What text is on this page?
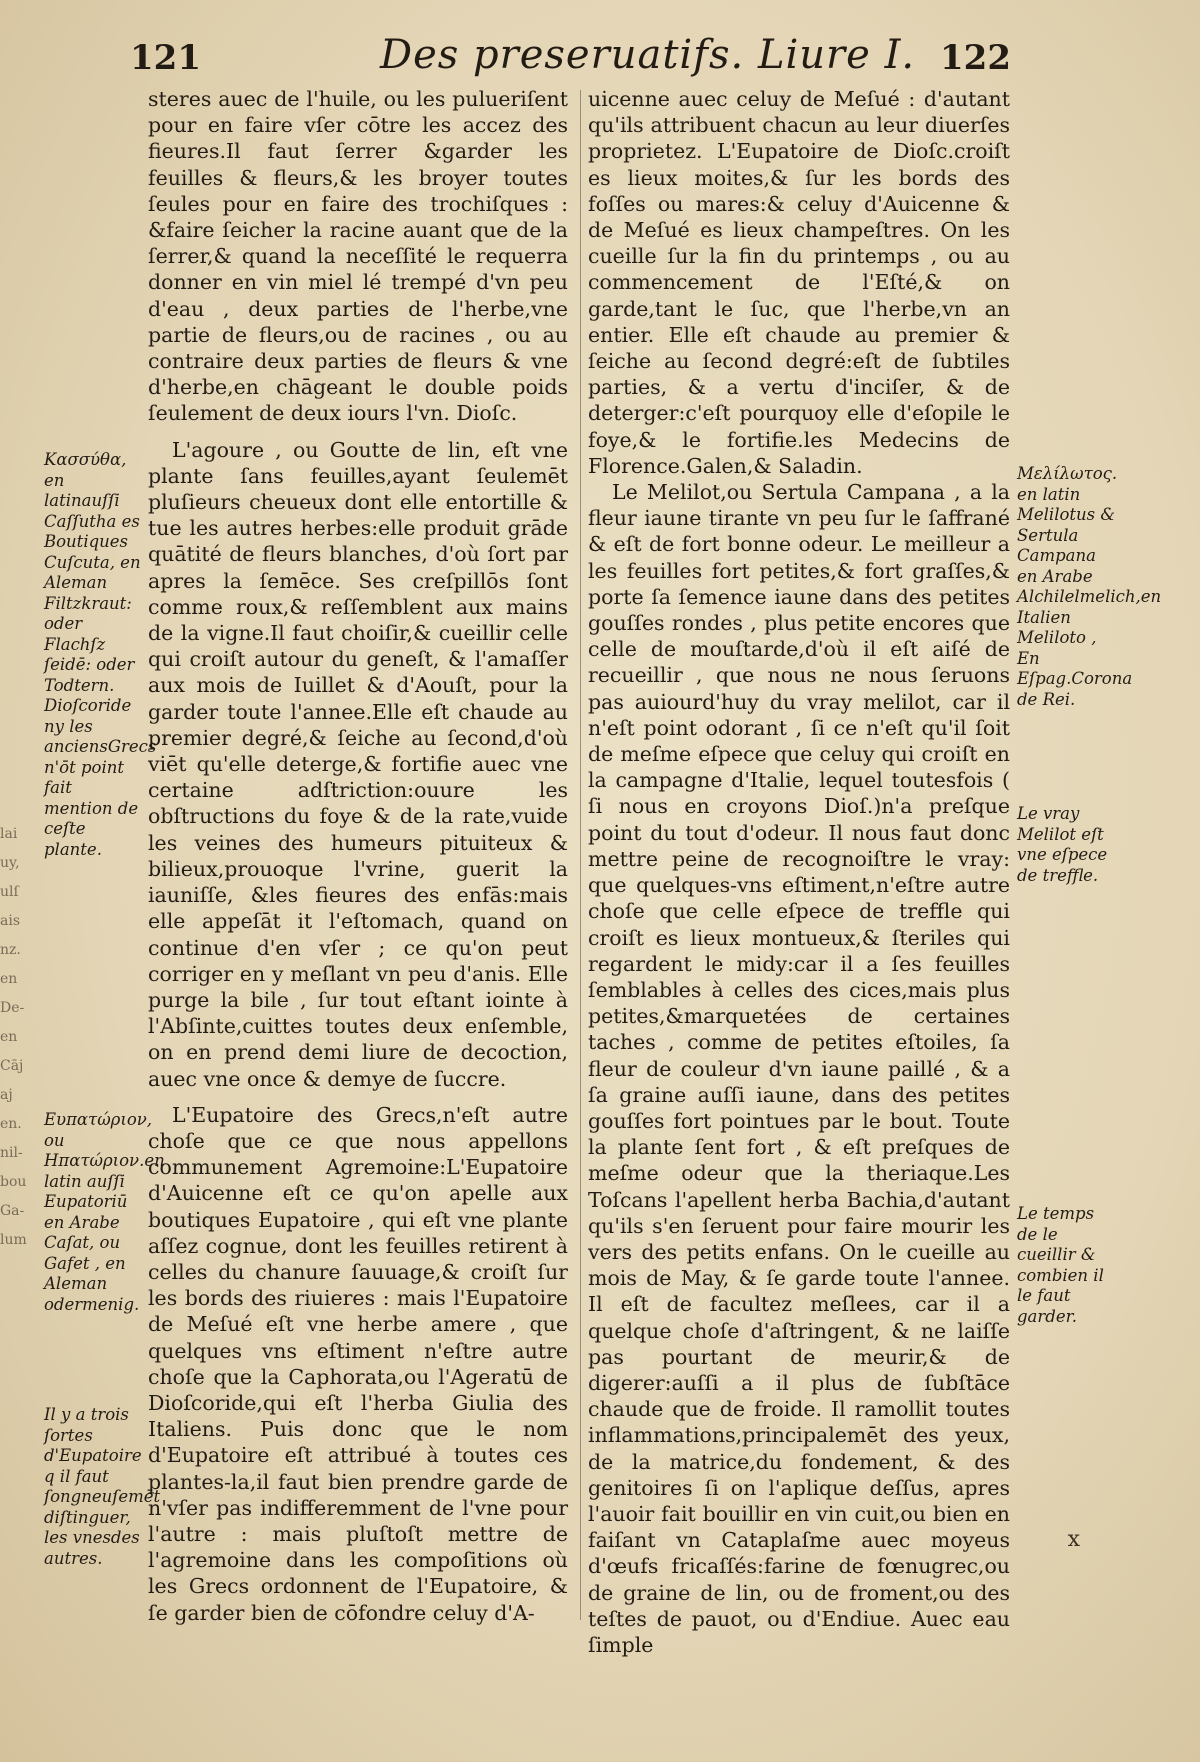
121	Des preseruatifs. Liure I. 122
lai
uy,
ulſ
ais
nz.
en
De-
en
Cāj
aj
en.
nil-
bou
Ga-
lum
Κασσύθα, en latinauſſi Caſſutha es Boutiques Cuſcuta, en Aleman Filtzkraut: oder Flachſz ſeidē: oder Todtern. Dioſcoride ny les anciensGrecs n'ōt point fait mention de ceſte plante.
Ευπατώριον, ou Ηπατώριον.en latin auſſi Eupatoriū en Arabe Caſat, ou Gafet , en Aleman odermenig.
Il y a trois ſortes d'Eupatoire q il faut ſongneuſemēt diſtinguer, les vnesdes autres.

steres auec de l'huile, ou les pulueriſent pour en faire vſer cōtre les accez des fieures.Il faut ſerrer &garder les feuilles & fleurs,& les broyer toutes ſeules pour en faire des trochiſques : &faire ſeicher la racine auant que de la ſerrer,& quand la neceſſité le requerra donner en vin miel lé trempé d'vn peu d'eau , deux parties de l'herbe,vne partie de fleurs,ou de racines , ou au contraire deux parties de fleurs & vne d'herbe,en chāgeant le double poids ſeulement de deux iours l'vn. Dioſc.

L'agoure , ou Goutte de lin, eſt vne plante ſans feuilles,ayant ſeulemēt pluſieurs cheueux dont elle entortille & tue les autres herbes:elle produit grāde quātité de fleurs blanches, d'où ſort par apres la ſemēce. Ses creſpillōs ſont comme roux,& reſſemblent aux mains de la vigne.Il faut choiſir,& cueillir celle qui croiſt autour du geneſt, & l'amaſſer aux mois de Iuillet & d'Aouſt, pour la garder toute l'annee.Elle eſt chaude au premier degré,& ſeiche au ſecond,d'où viēt qu'elle deterge,& fortifie auec vne certaine adſtriction:ouure les obſtructions du foye & de la rate,vuide les veines des humeurs pituiteux & bilieux,prouoque l'vrine, guerit la iauniſſe, &les fieures des enfās:mais elle appeſāt it l'eſtomach, quand on continue d'en vſer ; ce qu'on peut corriger en y meſlant vn peu d'anis. Elle purge la bile , ſur tout eſtant iointe à l'Abſinte,cuittes toutes deux enſemble, on en prend demi liure de decoction, auec vne once & demye de ſuccre.

L'Eupatoire des Grecs,n'eſt autre choſe que ce que nous appellons communement Agremoine:L'Eupatoire d'Auicenne eſt ce qu'on apelle aux boutiques Eupatoire , qui eſt vne plante aſſez cognue, dont les feuilles retirent à celles du chanure ſauuage,& croiſt ſur les bords des riuieres : mais l'Eupatoire de Meſué eſt vne herbe amere , que quelques vns eſtiment n'eſtre autre choſe que la Caphorata,ou l'Ageratū de Dioſcoride,qui eſt l'herba Giulia des Italiens. Puis donc que le nom d'Eupatoire eſt attribué à toutes ces plantes-la,il faut bien prendre garde de n'vſer pas indifferemment de l'vne pour l'autre : mais pluſtoſt mettre de l'agremoine dans les compoſitions où les Grecs ordonnent de l'Eupatoire, & ſe garder bien de cōfondre celuy d'A-

uicenne auec celuy de Meſué : d'autant qu'ils attribuent chacun au leur diuerſes proprietez. L'Eupatoire de Dioſc.croiſt es lieux moites,& ſur les bords des foſſes ou mares:& celuy d'Auicenne & de Meſué es lieux champeſtres. On les cueille ſur la fin du printemps , ou au commencement de l'Eſté,& on garde,tant le ſuc, que l'herbe,vn an entier. Elle eſt chaude au premier & ſeiche au ſecond degré:eſt de ſubtiles parties, & a vertu d'inciſer, & de deterger:c'eſt pourquoy elle d'eſopile le foye,& le fortifie.les Medecins de Florence.Galen,& Saladin.

Le Melilot,ou Sertula Campana , a la fleur iaune tirante vn peu ſur le ſaffrané & eſt de fort bonne odeur. Le meilleur a les feuilles fort petites,& fort graſſes,& porte ſa ſemence iaune dans des petites gouſſes rondes , plus petite encores que celle de mouſtarde,d'où il eſt aiſé de recueillir , que nous ne nous ſeruons pas auiourd'huy du vray melilot, car il n'eſt point odorant , ſi ce n'eſt qu'il ſoit de meſme eſpece que celuy qui croiſt en la campagne d'Italie, lequel toutesfois ( ſi nous en croyons Dioſ.)n'a preſque point du tout d'odeur. Il nous faut donc mettre peine de recognoiſtre le vray: que quelques-vns eſtiment,n'eſtre autre choſe que celle eſpece de treffle qui croiſt es lieux montueux,& ſteriles qui regardent le midy:car il a ſes feuilles ſemblables à celles des cices,mais plus petites,&marquetées de certaines taches , comme de petites eſtoiles, ſa fleur de couleur d'vn iaune paillé , & a ſa graine auſſi iaune, dans des petites gouſſes fort pointues par le bout. Toute la plante ſent fort , & eſt preſques de meſme odeur que la theriaque.Les Toſcans l'apellent herba Bachia,d'autant qu'ils s'en ſeruent pour faire mourir les vers des petits enfans. On le cueille au mois de May, & ſe garde toute l'annee. Il eſt de facultez meſlees, car il a quelque choſe d'aſtringent, & ne laiſſe pas pourtant de meurir,& de digerer:auſſi a il plus de ſubſtāce chaude que de froide. Il ramollit toutes inflammations,principalemēt des yeux, de la matrice,du fondement, & des genitoires ſi on l'aplique deſſus, apres l'auoir fait bouillir en vin cuit,ou bien en faiſant vn Cataplaſme auec moyeus d'œufs fricaſſés:farine de fœnugrec,ou de graine de lin, ou de froment,ou des teſtes de pauot, ou d'Endiue. Auec eau ſimple

Μελίλωτος. en latin Melilotus & Sertula Campana en Arabe Alchilelmelich,en Italien Meliloto , En Eſpag.Corona de Rei.
Le vray Melilot eſt vne eſpece de treffle.
Le temps de le cueillir & combien il le faut garder.
x
